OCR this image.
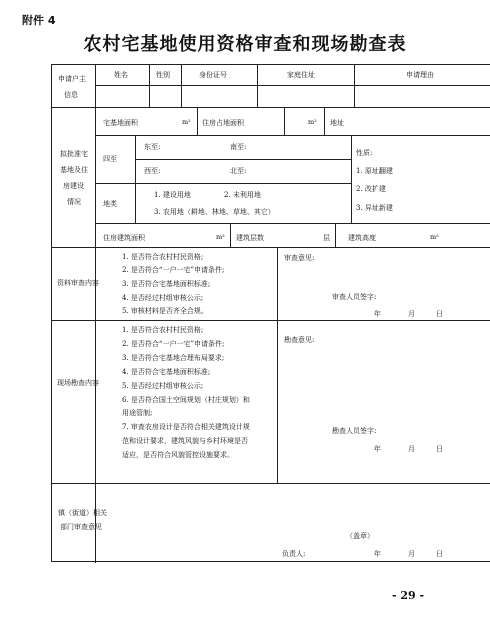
附件 4
农村宅基地使用资格审查和现场勘查表
申请户主
信息
姓名	性别	身份证号	家庭住址	申请理由
拟批准宅
基地及住
房建设
情况
宅基地面积	m² 住房占地面积	m² 地址
四至
东至:	南至:
西至:	北至:
地类
1. 建设用地	2. 未利用地
3. 农用地（耕地、林地、草地、其它）
性质:
1. 原址翻建
2. 改扩建
3. 异址新建
住房建筑面积	m² 建筑层数	层	建筑高度	m²
资料审查内容
1. 是否符合农村村民资格;
2. 是否符合“一户一宅”申请条件;
3. 是否符合宅基地面积标准;
4. 是否经过村组审核公示;
5. 审核材料是否齐全合规。
审查意见:
审查人员签字:
年	月	日
现场勘查内容
1. 是否符合农村村民资格;
2. 是否符合“一户一宅”申请条件;
3. 是否符合宅基地合理布局要求;
4. 是否符合宅基地面积标准;
5. 是否经过村组审核公示;
6. 是否符合国土空间规划（村庄规划）和
用途管制;
7. 审查农房设计是否符合相关建筑设计规
范和设计要求，建筑风貌与乡村环境是否
适应，是否符合风貌管控设施要求。
勘查意见:
勘查人员签字:
年	月	日
镇（街道）相关
部门审查意见
（盖章）
负责人:	年	月	日
- 29 -
